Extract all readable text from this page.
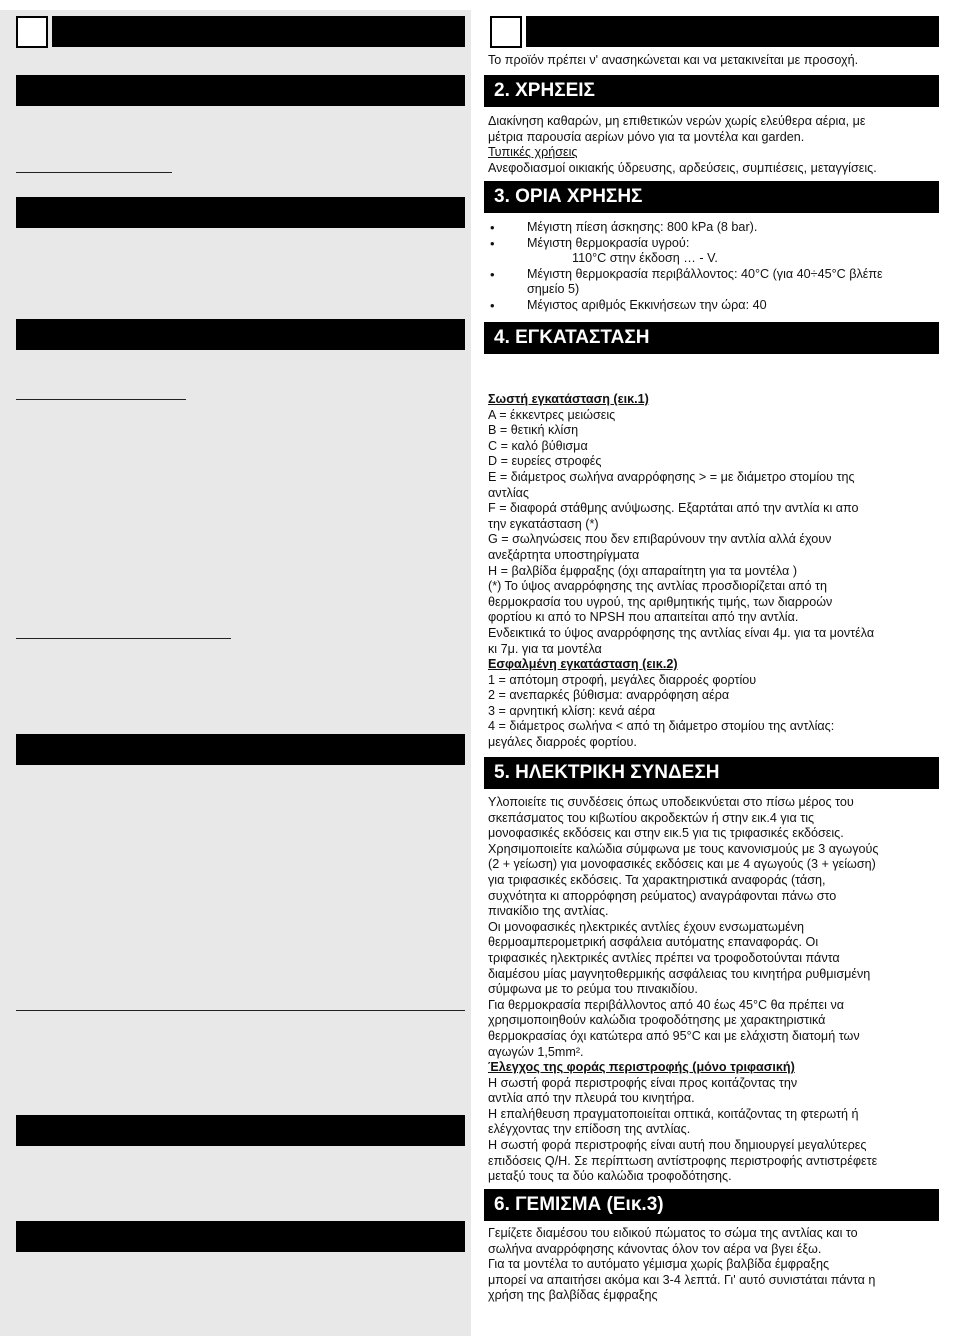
Το προϊόν πρέπει ν' ανασηκώνεται και να μετακινείται με προσοχή.

2. ΧΡΗΣΕΙΣ

Διακίνηση καθαρών, μη επιθετικών νερών χωρίς ελεύθερα αέρια, με
μέτρια παρουσία αερίων μόνο για τα μοντέλα και garden.
Τυπικές χρήσεις
Ανεφοδιασμοί οικιακής ύδρευσης, αρδεύσεις, συμπιέσεις, μεταγγίσεις.

3. ΟΡΙΑ ΧΡΗΣΗΣ
• Μέγιστη πίεση άσκησης: 800 kPa (8 bar).
• Μέγιστη θερμοκρασία υγρού:
110°C στην έκδοση … - V.
• Μέγιστη θερμοκρασία περιβάλλοντος: 40°C (για 40÷45°C βλέπε
σημείο 5)
• Μέγιστος αριθμός Εκκινήσεων την ώρα: 40
4. ΕΓΚΑΤΑΣΤΑΣΗ

Σωστή εγκατάσταση (εικ.1)
A = έκκεντρες μειώσεις
B = θετική κλίση
C = καλό βύθισμα
D = ευρείες στροφές
E = διάμετρος σωλήνα αναρρόφησης > = με διάμετρο στομίου της
αντλίας
F = διαφορά στάθμης ανύψωσης. Εξαρτάται από την αντλία κι απο
την εγκατάσταση (*)
G = σωληνώσεις που δεν επιβαρύνουν την αντλία αλλά έχουν
ανεξάρτητα υποστηρίγματα
H = βαλβίδα έμφραξης (όχι απαραίτητη για τα μοντέλα )
(*) Το ύψος αναρρόφησης της αντλίας προσδιορίζεται από τη
θερμοκρασία του υγρού, της αριθμητικής τιμής, των διαρροών
φορτίου κι από το NPSH που απαιτείται από την αντλία.
Ενδεικτικά το ύψος αναρρόφησης της αντλίας είναι 4μ. για τα μοντέλα
κι 7μ. για τα μοντέλα
Εσφαλμένη εγκατάσταση (εικ.2)
1 = απότομη στροφή, μεγάλες διαρροές φορτίου
2 = ανεπαρκές βύθισμα: αναρρόφηση αέρα
3 = αρνητική κλίση: κενά αέρα
4 = διάμετρος σωλήνα < από τη διάμετρο στομίου της αντλίας:
μεγάλες διαρροές φορτίου.

5. ΗΛΕΚΤΡΙΚΗ ΣΥΝΔΕΣΗ

Υλοποιείτε τις συνδέσεις όπως υποδεικνύεται στο πίσω μέρος του
σκεπάσματος του κιβωτίου ακροδεκτών ή στην εικ.4 για τις
μονοφασικές εκδόσεις και στην εικ.5 για τις τριφασικές εκδόσεις.
Χρησιμοποιείτε καλώδια σύμφωνα με τους κανονισμούς με 3 αγωγούς
(2 + γείωση) για μονοφασικές εκδόσεις και με 4 αγωγούς (3 + γείωση)
για τριφασικές εκδόσεις. Τα χαρακτηριστικά αναφοράς (τάση,
συχνότητα κι απορρόφηση ρεύματος) αναγράφονται πάνω στο
πινακίδιο της αντλίας.
Οι μονοφασικές ηλεκτρικές αντλίες έχουν ενσωματωμένη
θερμοαμπερομετρική ασφάλεια αυτόματης επαναφοράς. Οι
τριφασικές ηλεκτρικές αντλίες πρέπει να τροφοδοτούνται πάντα
διαμέσου μίας μαγνητοθερμικής ασφάλειας του κινητήρα ρυθμισμένη
σύμφωνα με το ρεύμα του πινακιδίου.
Για θερμοκρασία περιβάλλοντος από 40 έως 45°C θα πρέπει να
χρησιμοποιηθούν καλώδια τροφοδότησης με χαρακτηριστικά
θερμοκρασίας όχι κατώτερα από 95°C και με ελάχιστη διατομή των
αγωγών 1,5mm².
Έλεγχος της φοράς περιστροφής (μόνο τριφασική)
Η σωστή φορά περιστροφής είναι προς κοιτάζοντας την
αντλία από την πλευρά του κινητήρα.
Η επαλήθευση πραγματοποιείται οπτικά, κοιτάζοντας τη φτερωτή ή
ελέγχοντας την επίδοση της αντλίας.
Η σωστή φορά περιστροφής είναι αυτή που δημιουργεί μεγαλύτερες
επιδόσεις Q/H. Σε περίπτωση αντίστροφης περιστροφής αντιστρέφετε
μεταξύ τους τα δύο καλώδια τροφοδότησης.

6. ΓΕΜΙΣΜΑ (Εικ.3)

Γεμίζετε διαμέσου του ειδικού πώματος το σώμα της αντλίας και το
σωλήνα αναρρόφησης κάνοντας όλον τον αέρα να βγει έξω.
Για τα μοντέλα το αυτόματο γέμισμα χωρίς βαλβίδα έμφραξης
μπορεί να απαιτήσει ακόμα και 3-4 λεπτά. Γι' αυτό συνιστάται πάντα η
χρήση της βαλβίδας έμφραξης
